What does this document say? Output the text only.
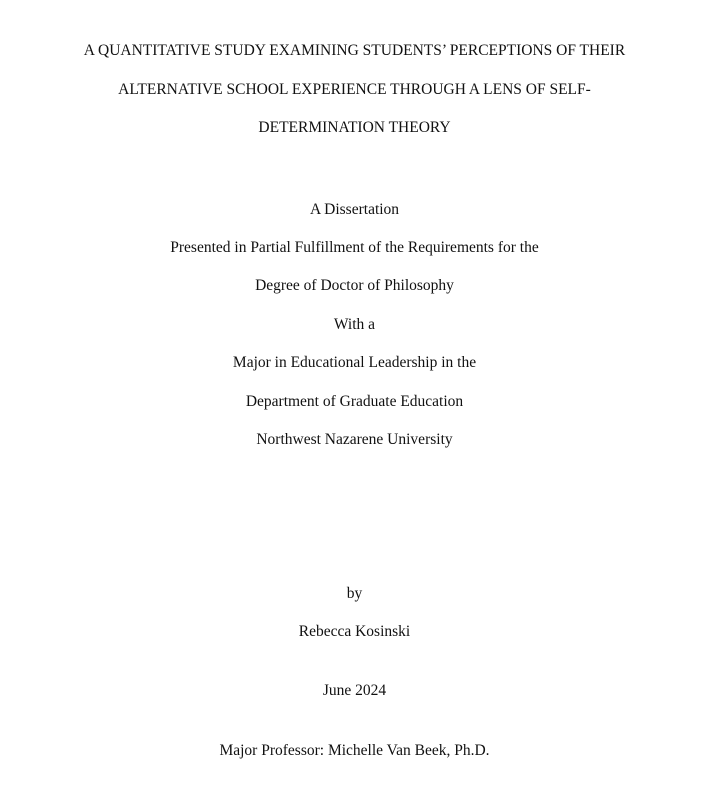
A QUANTITATIVE STUDY EXAMINING STUDENTS’ PERCEPTIONS OF THEIR
ALTERNATIVE SCHOOL EXPERIENCE THROUGH A LENS OF SELF-
DETERMINATION THEORY
A Dissertation
Presented in Partial Fulfillment of the Requirements for the
Degree of Doctor of Philosophy
With a
Major in Educational Leadership in the
Department of Graduate Education
Northwest Nazarene University
by
Rebecca Kosinski
June 2024
Major Professor: Michelle Van Beek, Ph.D.
